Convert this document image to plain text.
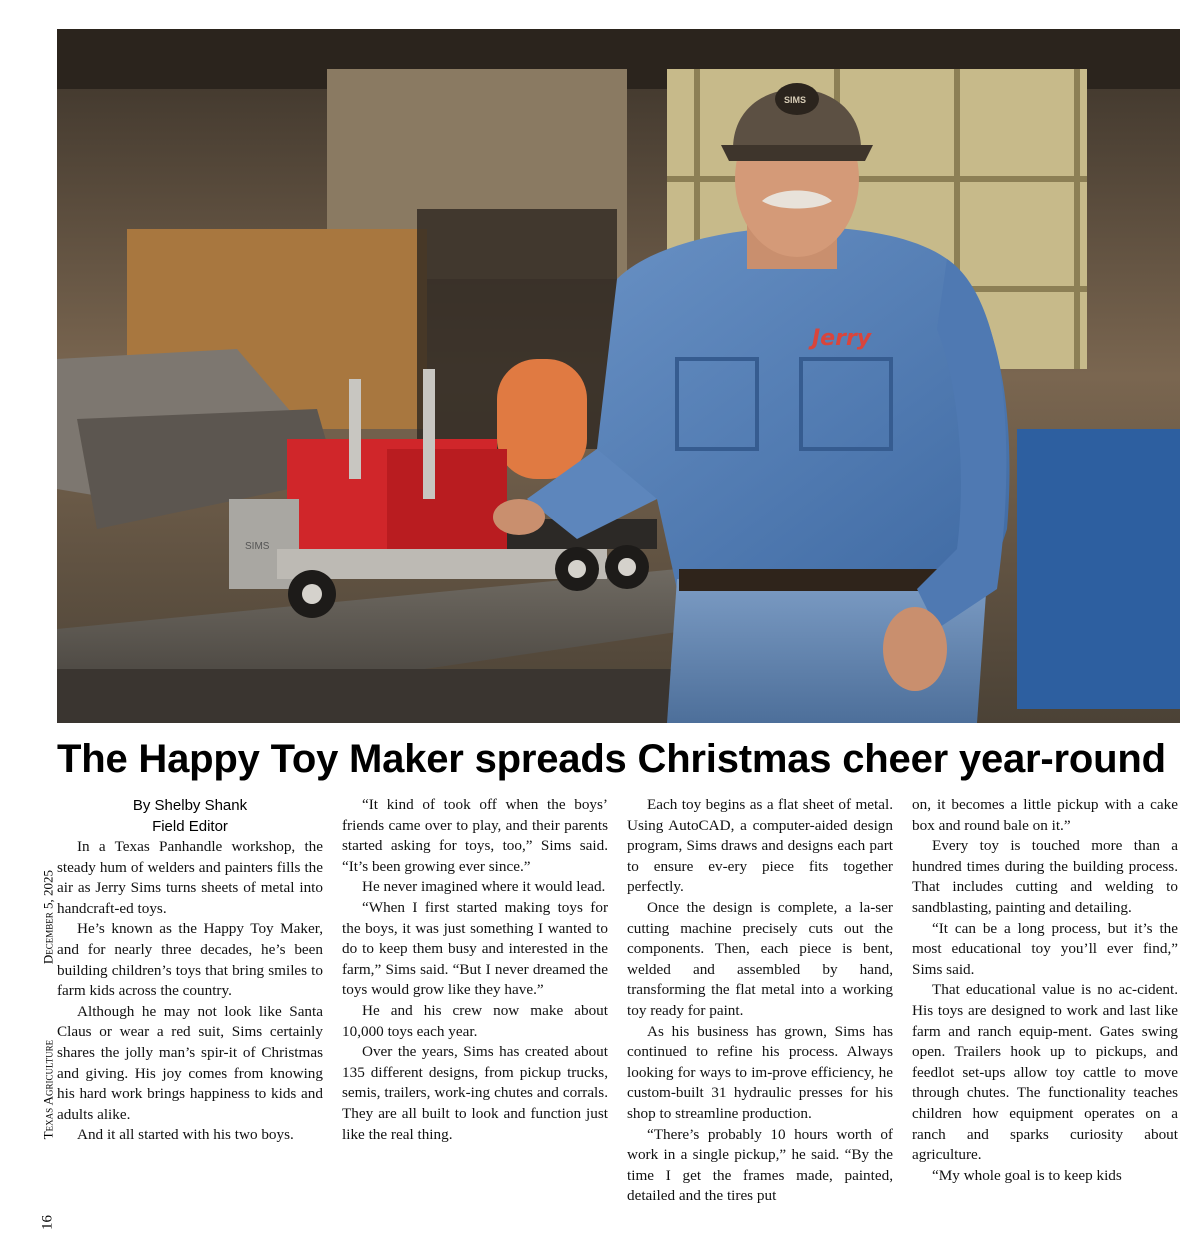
SIMS
SIMS
Jerry
The Happy Toy Maker spreads Christmas cheer year-round
16
Texas Agriculture
December 5, 2025
By Shelby Shank
Field Editor

In a Texas Panhandle workshop, the steady hum of welders and painters fills the air as Jerry Sims turns sheets of metal into handcraft-ed toys.

He’s known as the Happy Toy Maker, and for nearly three decades, he’s been building children’s toys that bring smiles to farm kids across the country.

Although he may not look like Santa Claus or wear a red suit, Sims certainly shares the jolly man’s spir-it of Christmas and giving. His joy comes from knowing his hard work brings happiness to kids and adults alike.

And it all started with his two boys.

“It kind of took off when the boys’ friends came over to play, and their parents started asking for toys, too,” Sims said. “It’s been growing ever since.”

He never imagined where it would lead.

“When I first started making toys for the boys, it was just something I wanted to do to keep them busy and interested in the farm,” Sims said. “But I never dreamed the toys would grow like they have.”

He and his crew now make about 10,000 toys each year.

Over the years, Sims has created about 135 different designs, from pickup trucks, semis, trailers, work-ing chutes and corrals. They are all built to look and function just like the real thing.

Each toy begins as a flat sheet of metal. Using AutoCAD, a computer-aided design program, Sims draws and designs each part to ensure ev-ery piece fits together perfectly.

Once the design is complete, a la-ser cutting machine precisely cuts out the components. Then, each piece is bent, welded and assembled by hand, transforming the flat metal into a working toy ready for paint.

As his business has grown, Sims has continued to refine his process. Always looking for ways to im-prove efficiency, he custom-built 31 hydraulic presses for his shop to streamline production.

“There’s probably 10 hours worth of work in a single pickup,” he said. “By the time I get the frames made, painted, detailed and the tires put

on, it becomes a little pickup with a cake box and round bale on it.”

Every toy is touched more than a hundred times during the building process. That includes cutting and welding to sandblasting, painting and detailing.

“It can be a long process, but it’s the most educational toy you’ll ever find,” Sims said.

That educational value is no ac-cident. His toys are designed to work and last like farm and ranch equip-ment. Gates swing open. Trailers hook up to pickups, and feedlot set-ups allow toy cattle to move through chutes. The functionality teaches children how equipment operates on a ranch and sparks curiosity about agriculture.

“My whole goal is to keep kids
